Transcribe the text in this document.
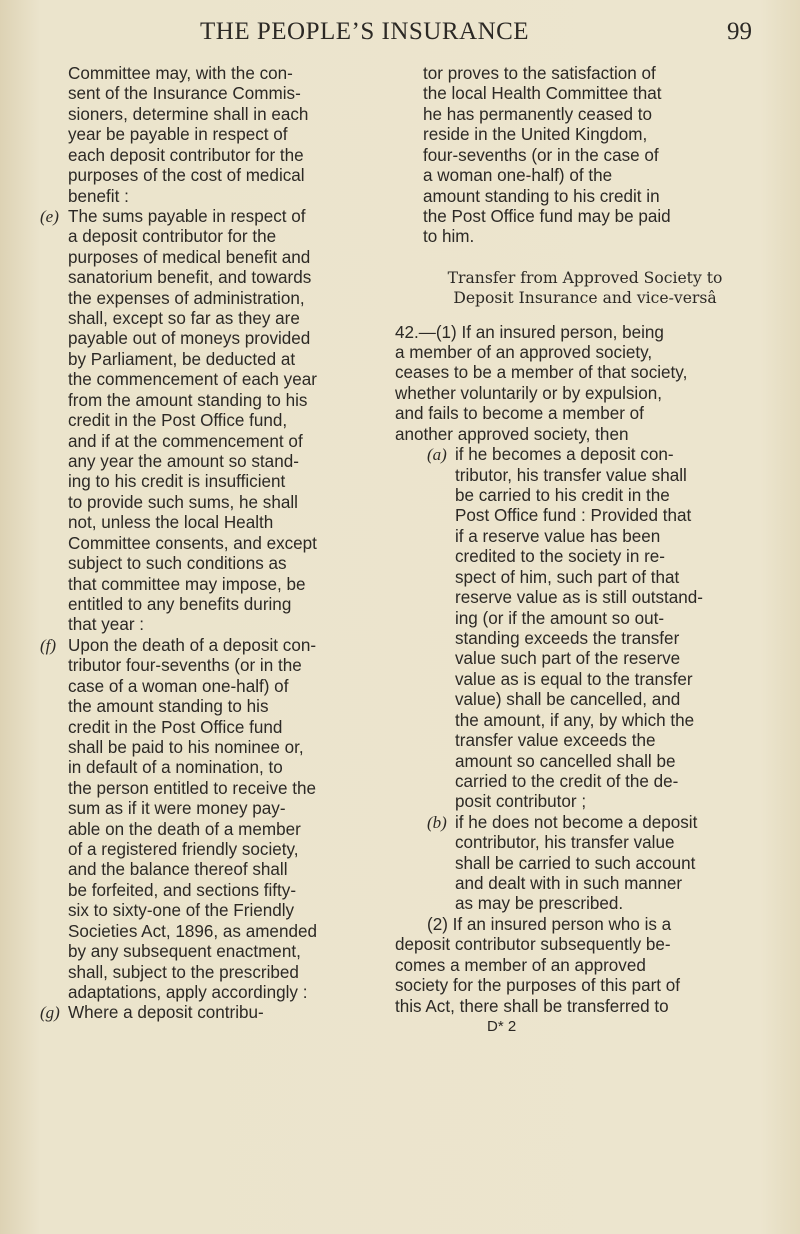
THE PEOPLE’S INSURANCE	99
Committee may, with the con-
sent of the Insurance Commis-
sioners, determine shall in each
year be payable in respect of
each deposit contributor for the
purposes of the cost of medical
benefit :
(e) The sums payable in respect of
a deposit contributor for the
purposes of medical benefit and
sanatorium benefit, and towards
the expenses of administration,
shall, except so far as they are
payable out of moneys provided
by Parliament, be deducted at
the commencement of each year
from the amount standing to his
credit in the Post Office fund,
and if at the commencement of
any year the amount so stand-
ing to his credit is insufficient
to provide such sums, he shall
not, unless the local Health
Committee consents, and except
subject to such conditions as
that committee may impose, be
entitled to any benefits during
that year :
(f) Upon the death of a deposit con-
tributor four-sevenths (or in the
case of a woman one-half) of
the amount standing to his
credit in the Post Office fund
shall be paid to his nominee or,
in default of a nomination, to
the person entitled to receive the
sum as if it were money pay-
able on the death of a member
of a registered friendly society,
and the balance thereof shall
be forfeited, and sections fifty-
six to sixty-one of the Friendly
Societies Act, 1896, as amended
by any subsequent enactment,
shall, subject to the prescribed
adaptations, apply accordingly :
(g) Where a deposit contribu-
tor proves to the satisfaction of
the local Health Committee that
he has permanently ceased to
reside in the United Kingdom,
four-sevenths (or in the case of
a woman one-half) of the
amount standing to his credit in
the Post Office fund may be paid
to him.
Transfer from Approved Society to
Deposit Insurance and vice-versâ
42.—(1) If an insured person, being
a member of an approved society,
ceases to be a member of that society,
whether voluntarily or by expulsion,
and fails to become a member of
another approved society, then
(a) if he becomes a deposit con-
tributor, his transfer value shall
be carried to his credit in the
Post Office fund : Provided that
if a reserve value has been
credited to the society in re-
spect of him, such part of that
reserve value as is still outstand-
ing (or if the amount so out-
standing exceeds the transfer
value such part of the reserve
value as is equal to the transfer
value) shall be cancelled, and
the amount, if any, by which the
transfer value exceeds the
amount so cancelled shall be
carried to the credit of the de-
posit contributor ;
(b) if he does not become a deposit
contributor, his transfer value
shall be carried to such account
and dealt with in such manner
as may be prescribed.
(2) If an insured person who is a
deposit contributor subsequently be-
comes a member of an approved
society for the purposes of this part of
this Act, there shall be transferred to
D* 2
